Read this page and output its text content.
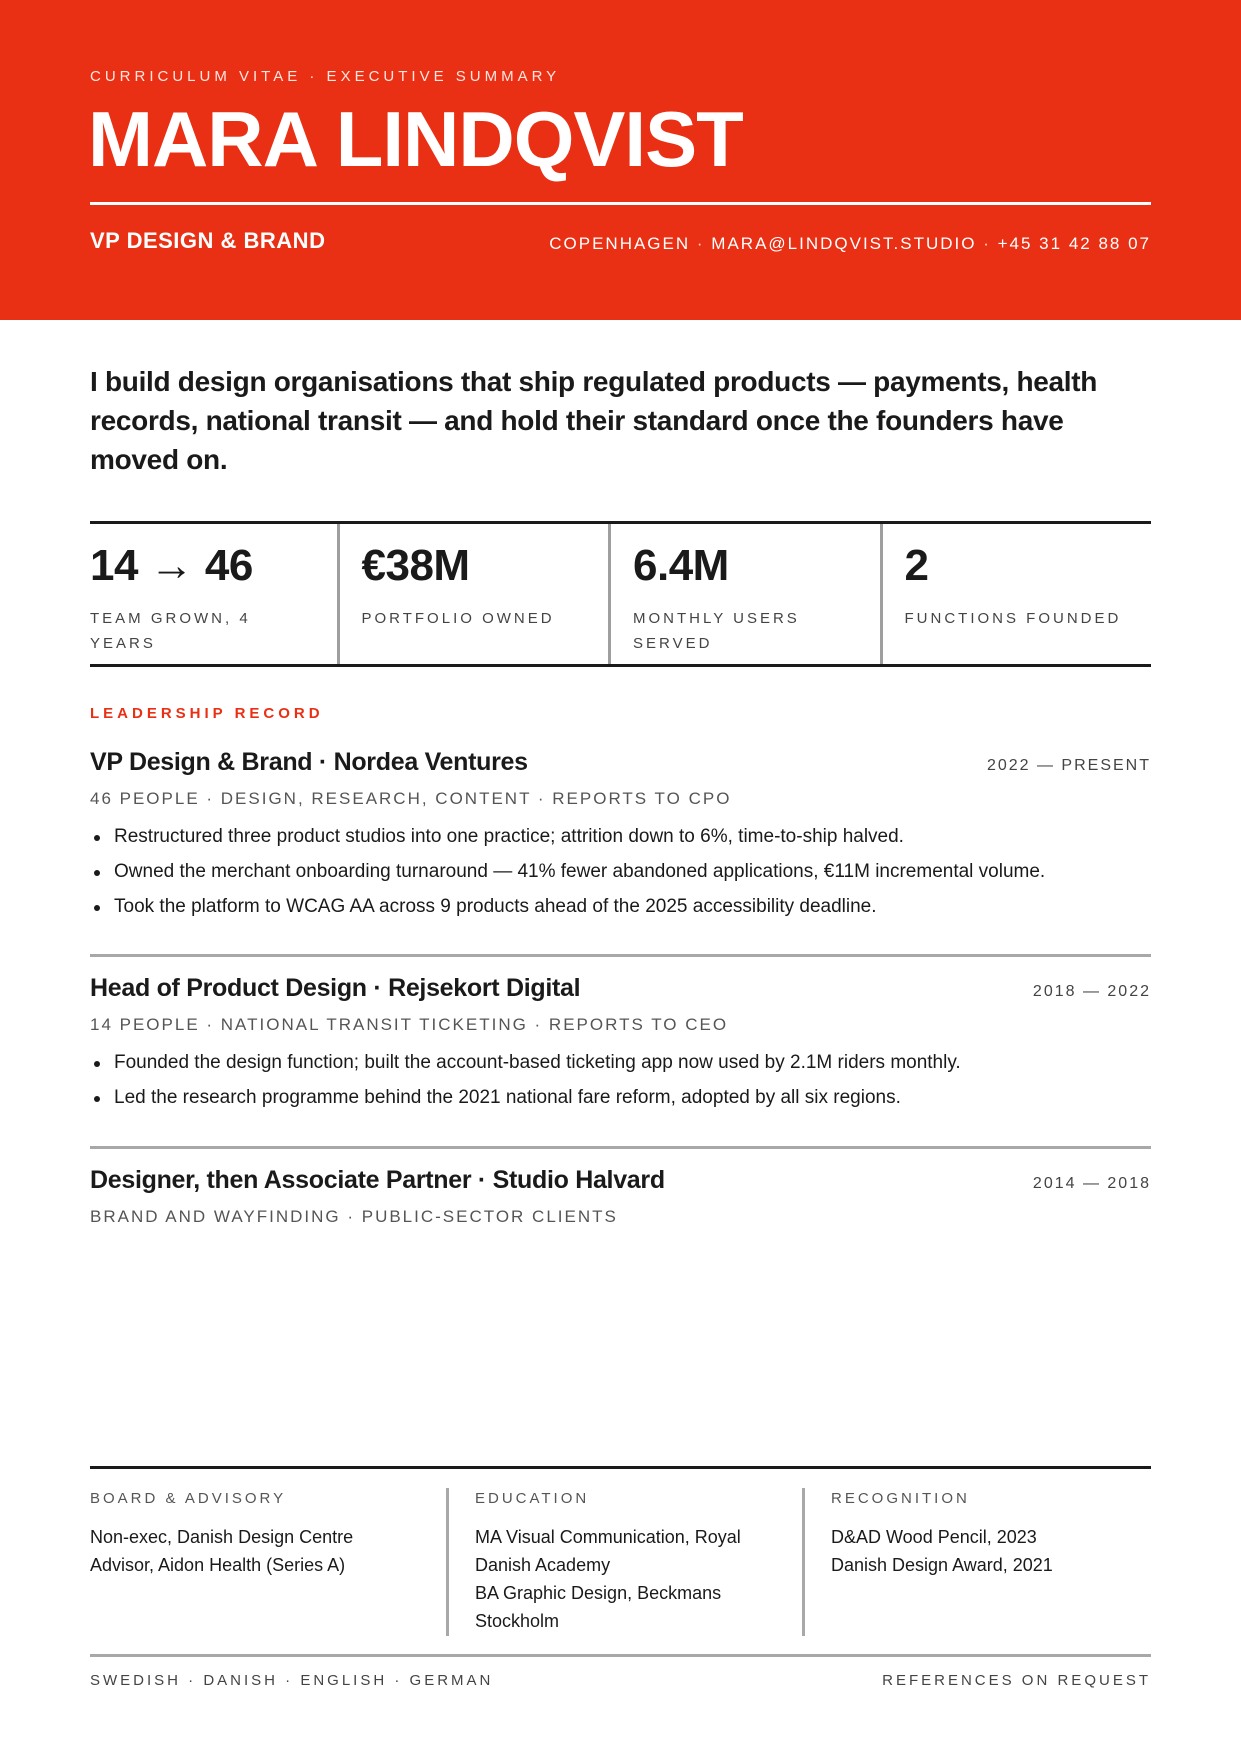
CURRICULUM VITAE · EXECUTIVE SUMMARY
MARA LINDQVIST
VP DESIGN & BRAND	COPENHAGEN · MARA@LINDQVIST.STUDIO · +45 31 42 88 07
I build design organisations that ship regulated products — payments, health records, national transit — and hold their standard once the founders have moved on.
14 → 46
TEAM GROWN, 4 YEARS
€38M
PORTFOLIO OWNED
6.4M
MONTHLY USERS SERVED
2
FUNCTIONS FOUNDED
LEADERSHIP RECORD
VP Design & Brand · Nordea Ventures	2022 — PRESENT
46 PEOPLE · DESIGN, RESEARCH, CONTENT · REPORTS TO CPO
Restructured three product studios into one practice; attrition down to 6%, time-to-ship halved.
Owned the merchant onboarding turnaround — 41% fewer abandoned applications, €11M incremental volume.
Took the platform to WCAG AA across 9 products ahead of the 2025 accessibility deadline.
Head of Product Design · Rejsekort Digital	2018 — 2022
14 PEOPLE · NATIONAL TRANSIT TICKETING · REPORTS TO CEO
Founded the design function; built the account-based ticketing app now used by 2.1M riders monthly.
Led the research programme behind the 2021 national fare reform, adopted by all six regions.
Designer, then Associate Partner · Studio Halvard	2014 — 2018
BRAND AND WAYFINDING · PUBLIC-SECTOR CLIENTS
BOARD & ADVISORY
Non-exec, Danish Design Centre
Advisor, Aidon Health (Series A)
EDUCATION
MA Visual Communication, Royal
Danish Academy
BA Graphic Design, Beckmans
Stockholm
RECOGNITION
D&AD Wood Pencil, 2023
Danish Design Award, 2021
SWEDISH · DANISH · ENGLISH · GERMAN	REFERENCES ON REQUEST
